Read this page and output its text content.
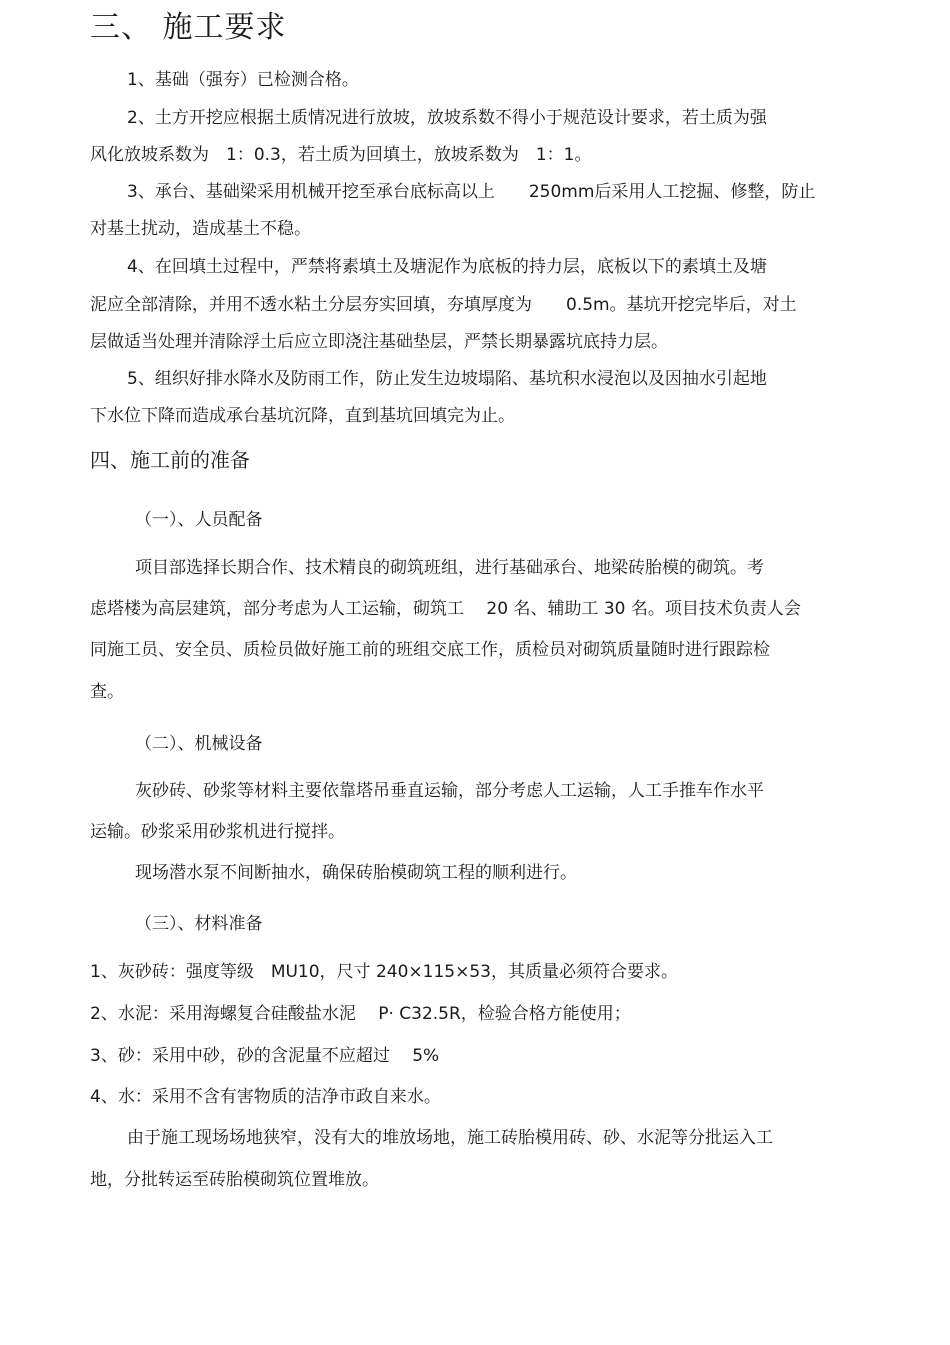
三、 施工要求
1、基础（强夯）已检测合格。
2、土方开挖应根据土质情况进行放坡，放坡系数不得小于规范设计要求，若土质为强
风化放坡系数为　1：0.3，若土质为回填土，放坡系数为　1：1。
3、承台、基础梁采用机械开挖至承台底标高以上　　250mm后采用人工挖掘、修整，防止
对基土扰动，造成基土不稳。
4、在回填土过程中，严禁将素填土及塘泥作为底板的持力层，底板以下的素填土及塘
泥应全部清除，并用不透水粘土分层夯实回填，夯填厚度为　　0.5m。基坑开挖完毕后，对土
层做适当处理并清除浮土后应立即浇注基础垫层，严禁长期暴露坑底持力层。
5、组织好排水降水及防雨工作，防止发生边坡塌陷、基坑积水浸泡以及因抽水引起地
下水位下降而造成承台基坑沉降，直到基坑回填完为止。
四、施工前的准备
（一）、人员配备
项目部选择长期合作、技术精良的砌筑班组，进行基础承台、地梁砖胎模的砌筑。考
虑塔楼为高层建筑，部分考虑为人工运输，砌筑工　 20 名、辅助工 30 名。项目技术负责人会
同施工员、安全员、质检员做好施工前的班组交底工作，质检员对砌筑质量随时进行跟踪检
查。
（二）、机械设备
灰砂砖、砂浆等材料主要依靠塔吊垂直运输，部分考虑人工运输，人工手推车作水平
运输。砂浆采用砂浆机进行搅拌。
现场潜水泵不间断抽水，确保砖胎模砌筑工程的顺利进行。
（三）、材料准备
1、灰砂砖：强度等级　MU10，尺寸 240×115×53，其质量必须符合要求。
2、水泥：采用海螺复合硅酸盐水泥　 P· C32.5R，检验合格方能使用；
3、砂：采用中砂，砂的含泥量不应超过　 5%
4、水：采用不含有害物质的洁净市政自来水。
由于施工现场场地狭窄，没有大的堆放场地，施工砖胎模用砖、砂、水泥等分批运入工
地，分批转运至砖胎模砌筑位置堆放。
